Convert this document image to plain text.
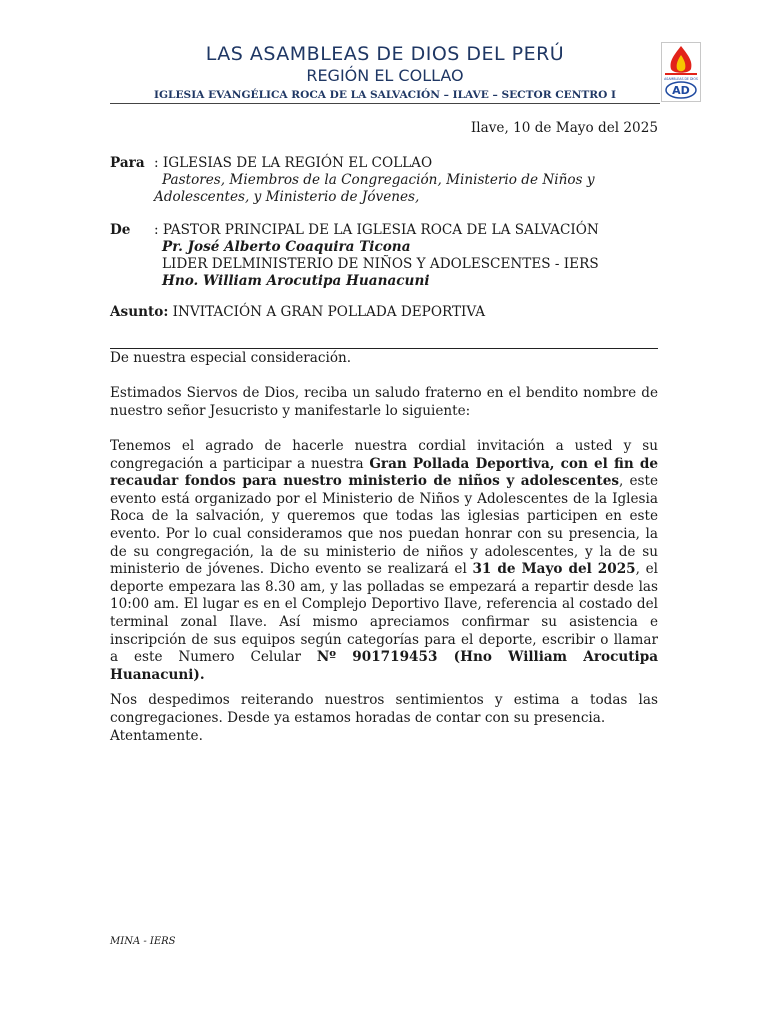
LAS ASAMBLEAS DE DIOS DEL PERÚ
REGIÓN EL COLLAO
IGLESIA EVANGÉLICA ROCA DE LA SALVACIÓN – ILAVE – SECTOR CENTRO I
ASAMBLEAS DE DIOS
AD
Ilave, 10 de Mayo del 2025
Para : IGLESIAS DE LA REGIÓN EL COLLAO
Pastores, Miembros de la Congregación, Ministerio de Niños y
Adolescentes, y Ministerio de Jóvenes,
De : PASTOR PRINCIPAL DE LA IGLESIA ROCA DE LA SALVACIÓN
Pr. José Alberto Coaquira Ticona
LIDER DELMINISTERIO DE NIÑOS Y ADOLESCENTES - IERS
Hno. William Arocutipa Huanacuni
Asunto: INVITACIÓN A GRAN POLLADA DEPORTIVA
De nuestra especial consideración.
Estimados Siervos de Dios, reciba un saludo fraterno en el bendito nombre de nuestro señor Jesucristo y manifestarle lo siguiente:
Tenemos el agrado de hacerle nuestra cordial invitación a usted y su congregación a participar a nuestra Gran Pollada Deportiva, con el fin de recaudar fondos para nuestro ministerio de niños y adolescentes, este evento está organizado por el Ministerio de Niños y Adolescentes de la Iglesia Roca de la salvación, y queremos que todas las iglesias participen en este evento. Por lo cual consideramos que nos puedan honrar con su presencia, la de su congregación, la de su ministerio de niños y adolescentes, y la de su ministerio de jóvenes. Dicho evento se realizará el 31 de Mayo del 2025, el deporte empezara las 8.30 am, y las polladas se empezará a repartir desde las 10:00 am. El lugar es en el Complejo Deportivo Ilave, referencia al costado del terminal zonal Ilave. Así mismo apreciamos confirmar su asistencia e inscripción de sus equipos según categorías para el deporte, escribir o llamar a este Numero Celular Nº 901719453 (Hno William Arocutipa Huanacuni).
Nos despedimos reiterando nuestros sentimientos y estima a todas las congregaciones. Desde ya estamos horadas de contar con su presencia.
Atentamente.
MINA - IERS
